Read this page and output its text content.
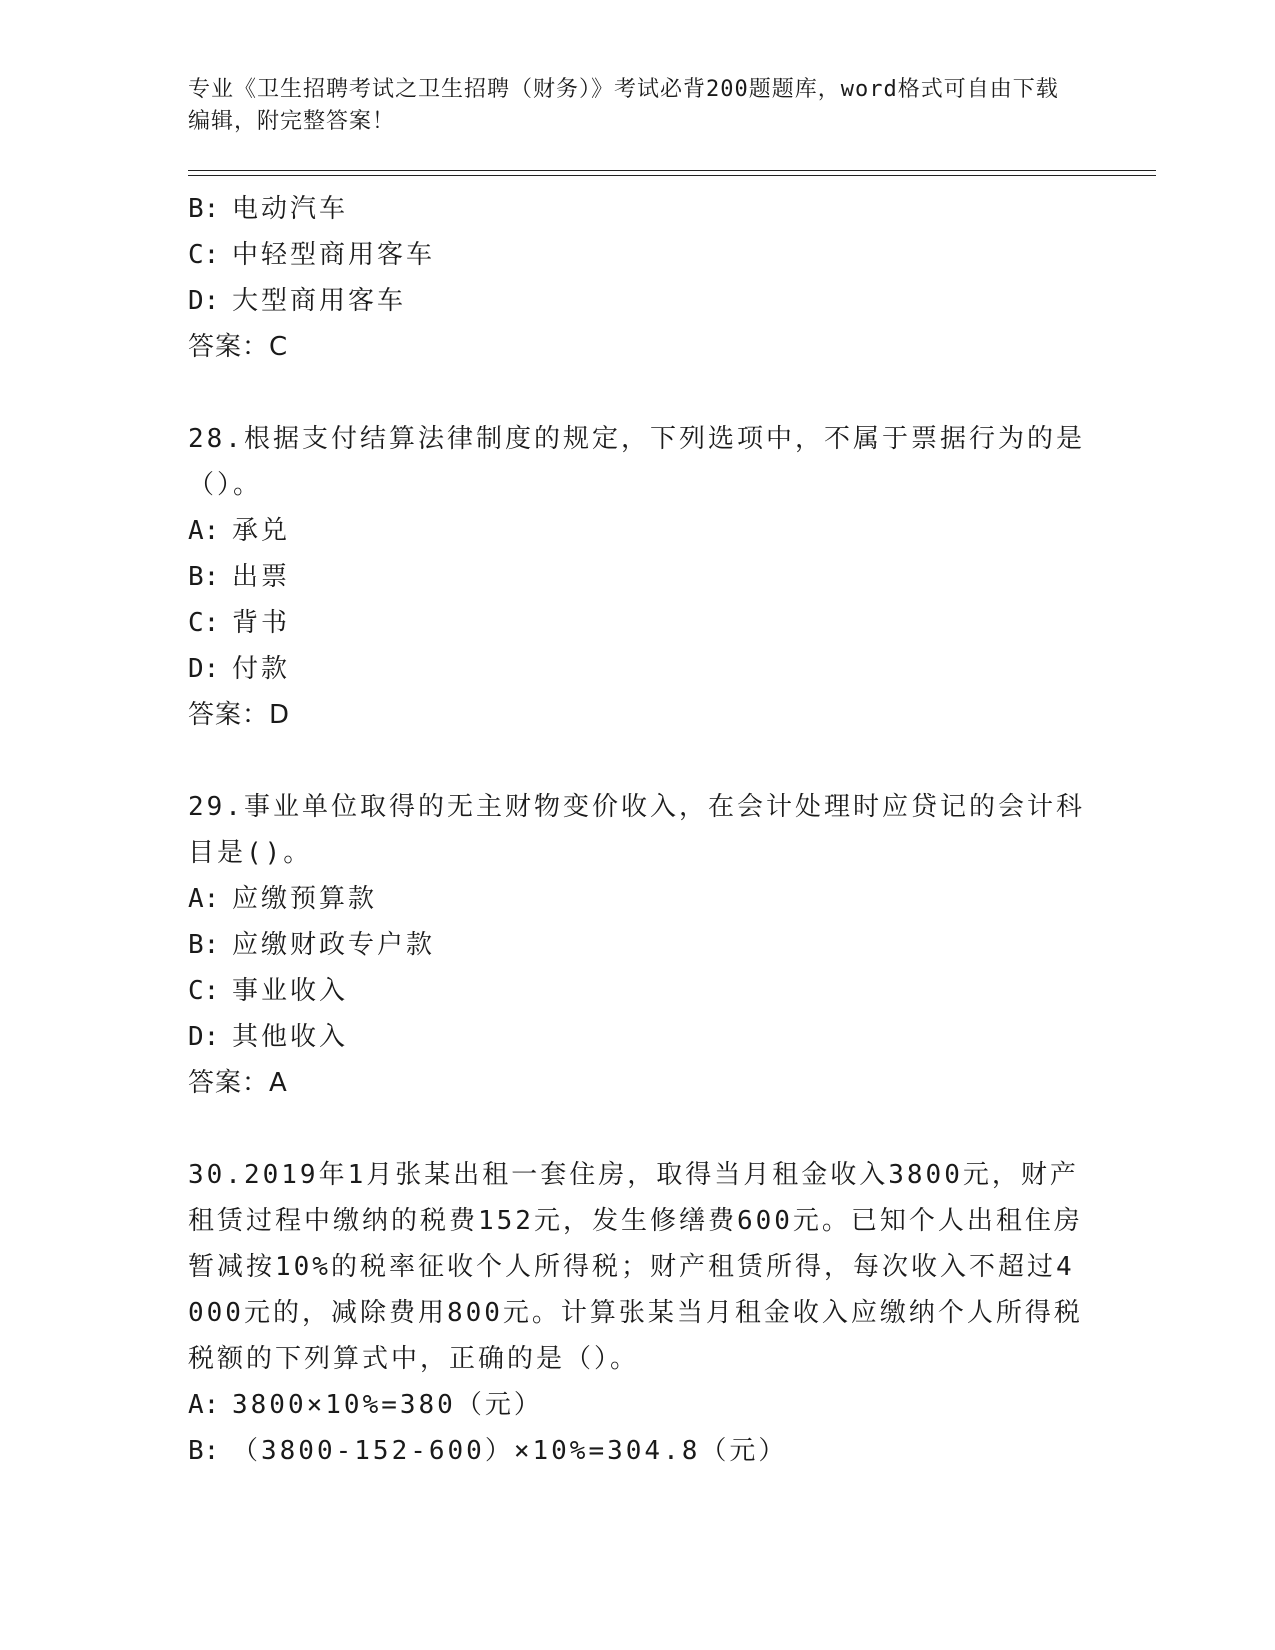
专业《卫生招聘考试之卫生招聘（财务）》考试必背200题题库，word格式可自由下载编辑，附完整答案！

B: 电动汽车
C: 中轻型商用客车
D: 大型商用客车
答案：C
28.根据支付结算法律制度的规定，下列选项中，不属于票据行为的是（）。
A: 承兑
B: 出票
C: 背书
D: 付款
答案：D
29.事业单位取得的无主财物变价收入，在会计处理时应贷记的会计科目是()。
A: 应缴预算款
B: 应缴财政专户款
C: 事业收入
D: 其他收入
答案：A
30.2019年1月张某出租一套住房，取得当月租金收入3800元，财产租赁过程中缴纳的税费152元，发生修缮费600元。已知个人出租住房暂减按10%的税率征收个人所得税；财产租赁所得，每次收入不超过4000元的，减除费用800元。计算张某当月租金收入应缴纳个人所得税税额的下列算式中，正确的是（）。
A: 3800×10%=380（元）
B: （3800-152-600）×10%=304.8（元）
